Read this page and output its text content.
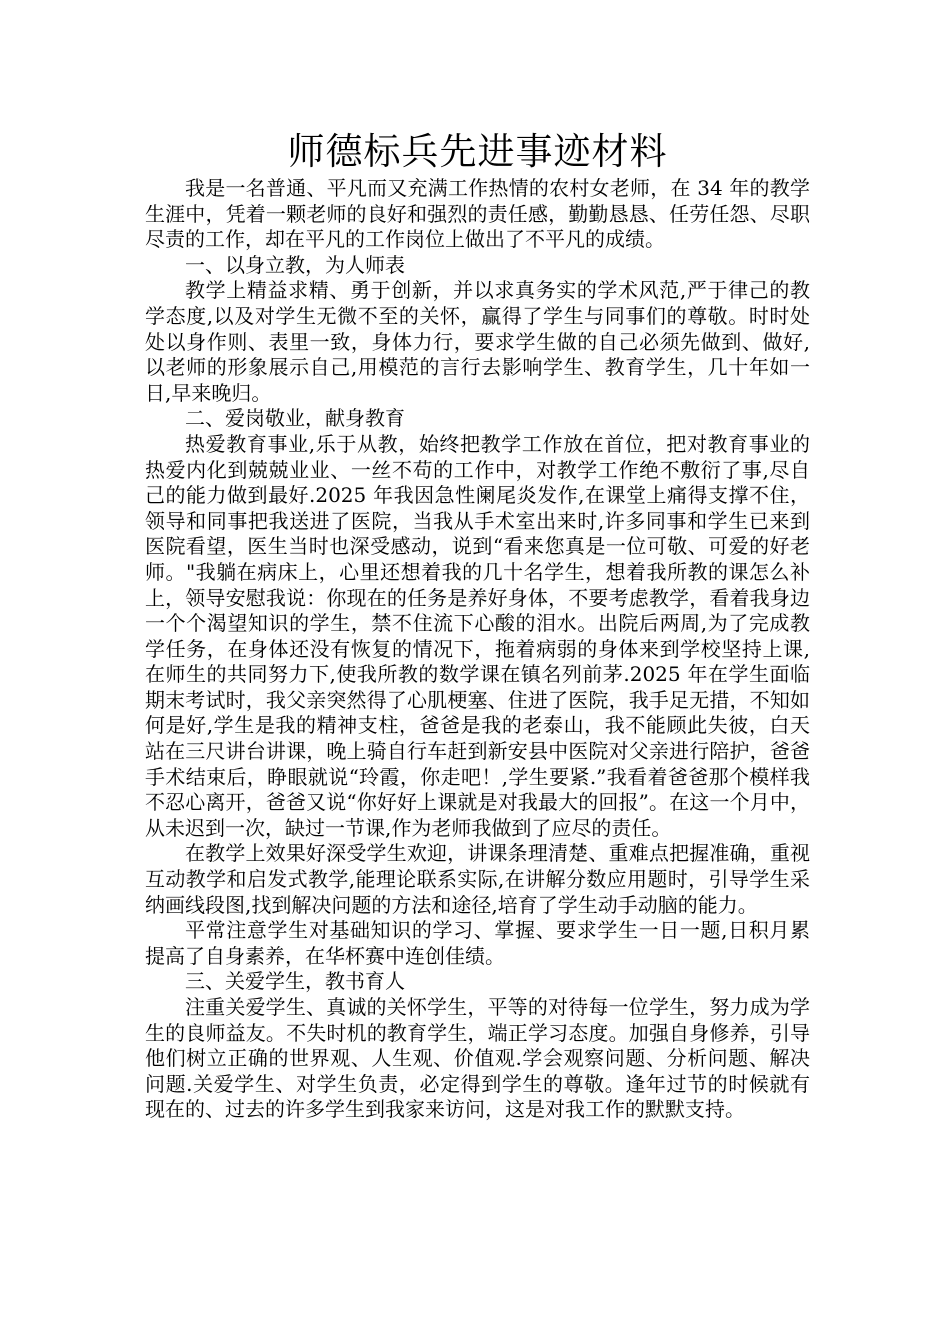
师德标兵先进事迹材料

我是一名普通、平凡而又充满工作热情的农村女老师，在 34 年的教学生涯中，凭着一颗老师的良好和强烈的责任感，勤勤恳恳、任劳任怨、尽职尽责的工作，却在平凡的工作岗位上做出了不平凡的成绩。

一、以身立教，为人师表

教学上精益求精、勇于创新，并以求真务实的学术风范,严于律己的教学态度,以及对学生无微不至的关怀，赢得了学生与同事们的尊敬。时时处处以身作则、表里一致，身体力行，要求学生做的自己必须先做到、做好,以老师的形象展示自己,用模范的言行去影响学生、教育学生，几十年如一日,早来晚归。

二、爱岗敬业，献身教育

热爱教育事业,乐于从教，始终把教学工作放在首位，把对教育事业的热爱内化到兢兢业业、一丝不苟的工作中，对教学工作绝不敷衍了事,尽自己的能力做到最好.2025 年我因急性阑尾炎发作,在课堂上痛得支撑不住，领导和同事把我送进了医院，当我从手术室出来时,许多同事和学生已来到医院看望，医生当时也深受感动，说到“看来您真是一位可敬、可爱的好老师。"我躺在病床上，心里还想着我的几十名学生，想着我所教的课怎么补上，领导安慰我说：你现在的任务是养好身体，不要考虑教学，看着我身边一个个渴望知识的学生，禁不住流下心酸的泪水。出院后两周,为了完成教学任务，在身体还没有恢复的情况下，拖着病弱的身体来到学校坚持上课,在师生的共同努力下,使我所教的数学课在镇名列前茅.2025 年在学生面临期末考试时，我父亲突然得了心肌梗塞、住进了医院，我手足无措，不知如何是好,学生是我的精神支柱，爸爸是我的老泰山，我不能顾此失彼，白天站在三尺讲台讲课，晚上骑自行车赶到新安县中医院对父亲进行陪护，爸爸手术结束后，睁眼就说“玲霞，你走吧！,学生要紧.”我看着爸爸那个模样我不忍心离开，爸爸又说“你好好上课就是对我最大的回报”。在这一个月中，从未迟到一次，缺过一节课,作为老师我做到了应尽的责任。

在教学上效果好深受学生欢迎，讲课条理清楚、重难点把握准确，重视互动教学和启发式教学,能理论联系实际,在讲解分数应用题时，引导学生采纳画线段图,找到解决问题的方法和途径,培育了学生动手动脑的能力。

平常注意学生对基础知识的学习、掌握、要求学生一日一题,日积月累提高了自身素养，在华杯赛中连创佳绩。

三、关爱学生，教书育人

注重关爱学生、真诚的关怀学生，平等的对待每一位学生，努力成为学生的良师益友。不失时机的教育学生，端正学习态度。加强自身修养，引导他们树立正确的世界观、人生观、价值观.学会观察问题、分析问题、解决问题.关爱学生、对学生负责，必定得到学生的尊敬。逢年过节的时候就有现在的、过去的许多学生到我家来访问，这是对我工作的默默支持。
